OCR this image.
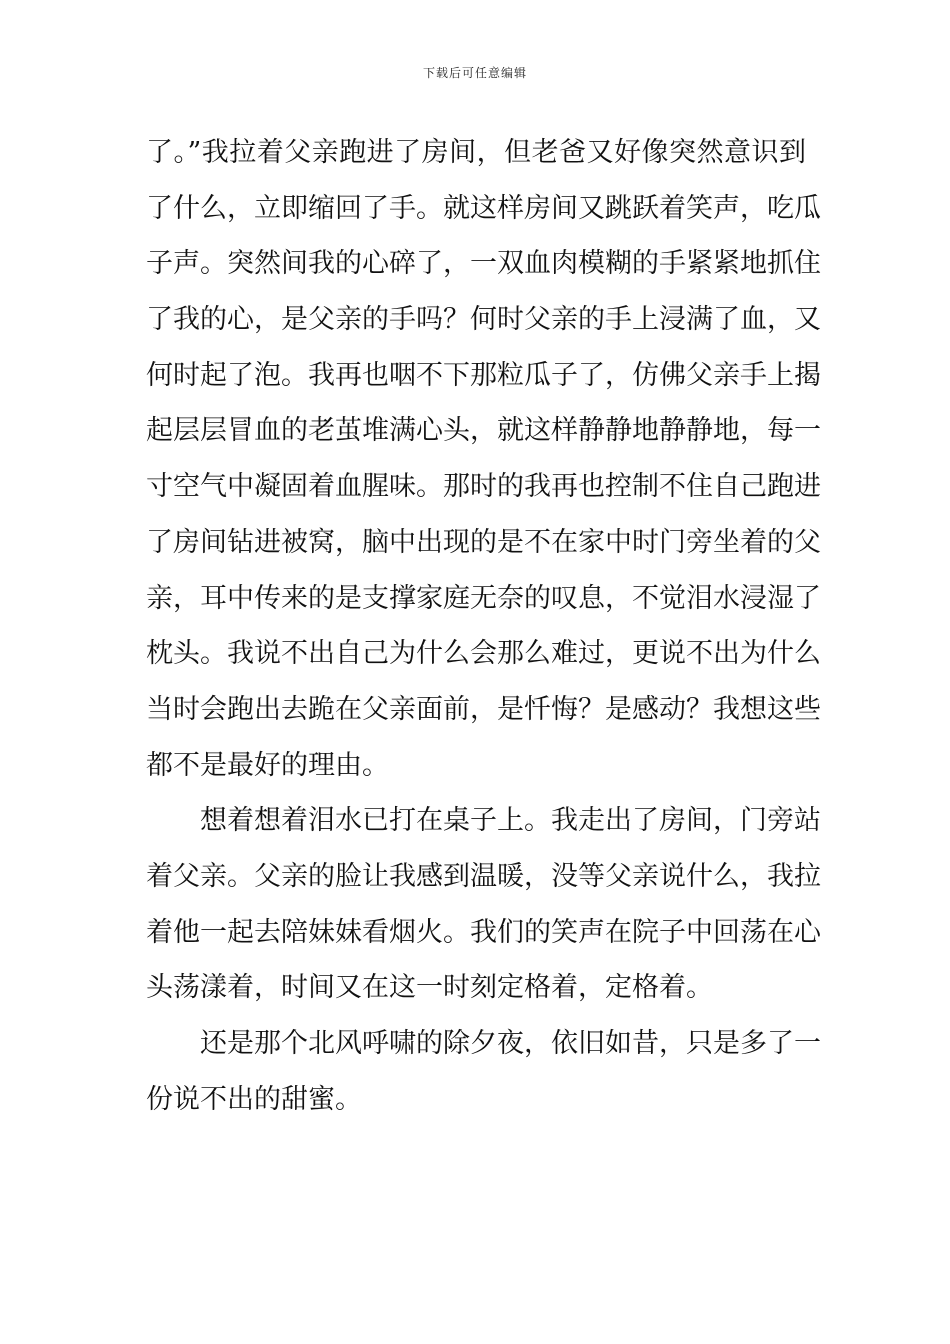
下载后可任意编辑
了。”我拉着父亲跑进了房间，但老爸又好像突然意识到
了什么，立即缩回了手。就这样房间又跳跃着笑声，吃瓜
子声。突然间我的心碎了，一双血肉模糊的手紧紧地抓住
了我的心，是父亲的手吗？何时父亲的手上浸满了血，又
何时起了泡。我再也咽不下那粒瓜子了，仿佛父亲手上揭
起层层冒血的老茧堆满心头，就这样静静地静静地，每一
寸空气中凝固着血腥味。那时的我再也控制不住自己跑进
了房间钻进被窝，脑中出现的是不在家中时门旁坐着的父
亲，耳中传来的是支撑家庭无奈的叹息，不觉泪水浸湿了
枕头。我说不出自己为什么会那么难过，更说不出为什么
当时会跑出去跪在父亲面前，是忏悔？是感动？我想这些
都不是最好的理由。
想着想着泪水已打在桌子上。我走出了房间，门旁站
着父亲。父亲的脸让我感到温暖，没等父亲说什么，我拉
着他一起去陪妹妹看烟火。我们的笑声在院子中回荡在心
头荡漾着，时间又在这一时刻定格着，定格着。
还是那个北风呼啸的除夕夜，依旧如昔，只是多了一
份说不出的甜蜜。
